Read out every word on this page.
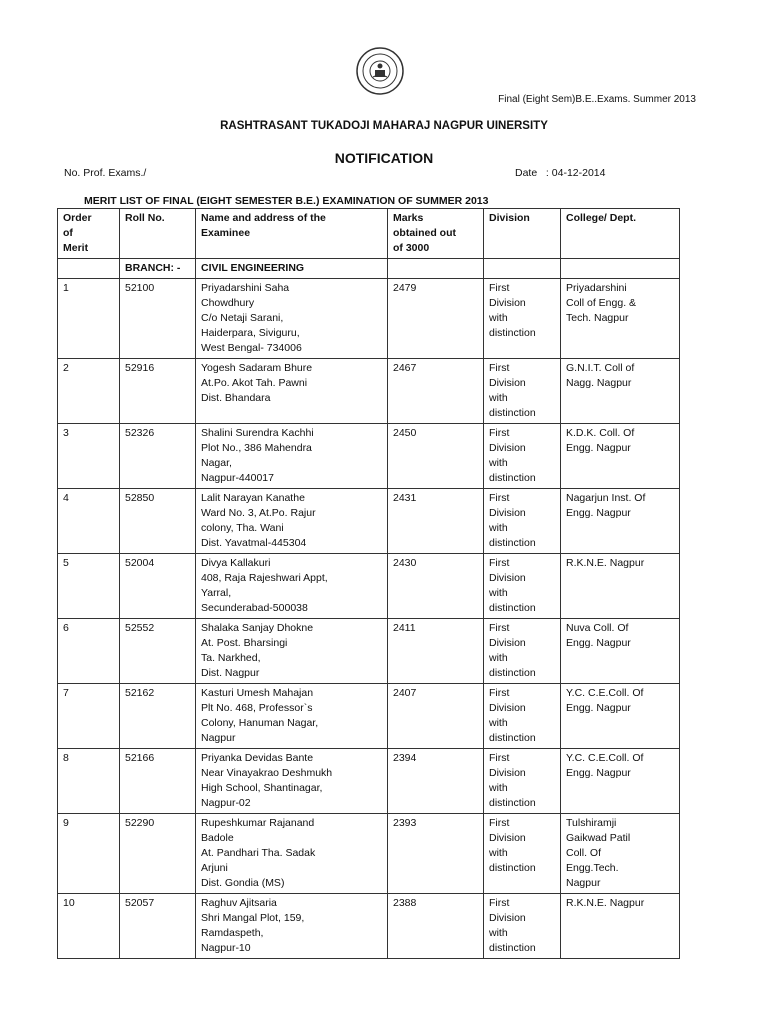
Final (Eight Sem)B.E..Exams. Summer 2013
RASHTRASANT TUKADOJI MAHARAJ NAGPUR UINERSITY
NOTIFICATION
No. Prof. Exams./	Date   : 04-12-2014
MERIT LIST OF FINAL (EIGHT SEMESTER B.E.) EXAMINATION OF SUMMER 2013
Order
of
Merit	Roll No.	Name and address of the
Examinee	Marks
obtained out
of 3000	Division	College/ Dept.
	BRANCH: -	CIVIL ENGINEERING			
1	52100	Priyadarshini Saha
Chowdhury
C/o Netaji Sarani,
Haiderpara, Siviguru,
West Bengal- 734006	2479	First
Division
with
distinction	Priyadarshini
Coll of Engg. &
Tech. Nagpur
2	52916	Yogesh Sadaram Bhure
At.Po. Akot Tah. Pawni
Dist. Bhandara	2467	First
Division
with
distinction	G.N.I.T. Coll of
Nagg. Nagpur
3	52326	Shalini Surendra Kachhi
Plot No., 386 Mahendra
Nagar,
Nagpur-440017	2450	First
Division
with
distinction	K.D.K. Coll. Of
Engg. Nagpur
4	52850	Lalit Narayan Kanathe
Ward No. 3, At.Po. Rajur
colony, Tha. Wani
Dist. Yavatmal-445304	2431	First
Division
with
distinction	Nagarjun Inst. Of
Engg. Nagpur
5	52004	Divya Kallakuri
408, Raja Rajeshwari Appt,
Yarral,
Secunderabad-500038	2430	First
Division
with
distinction	R.K.N.E. Nagpur
6	52552	Shalaka Sanjay Dhokne
At. Post. Bharsingi
Ta. Narkhed,
Dist. Nagpur	2411	First
Division
with
distinction	Nuva Coll. Of
Engg. Nagpur
7	52162	Kasturi Umesh Mahajan
Plt No. 468, Professor`s
Colony, Hanuman Nagar,
Nagpur	2407	First
Division
with
distinction	Y.C. C.E.Coll. Of
Engg. Nagpur
8	52166	Priyanka Devidas Bante
Near Vinayakrao Deshmukh
High School, Shantinagar,
Nagpur-02	2394	First
Division
with
distinction	Y.C. C.E.Coll. Of
Engg. Nagpur
9	52290	Rupeshkumar Rajanand
Badole
At. Pandhari Tha. Sadak
Arjuni
Dist. Gondia (MS)	2393	First
Division
with
distinction	Tulshiramji
Gaikwad Patil
Coll. Of
Engg.Tech.
Nagpur
10	52057	Raghuv Ajitsaria
Shri Mangal Plot, 159,
Ramdaspeth,
Nagpur-10	2388	First
Division
with
distinction	R.K.N.E. Nagpur
